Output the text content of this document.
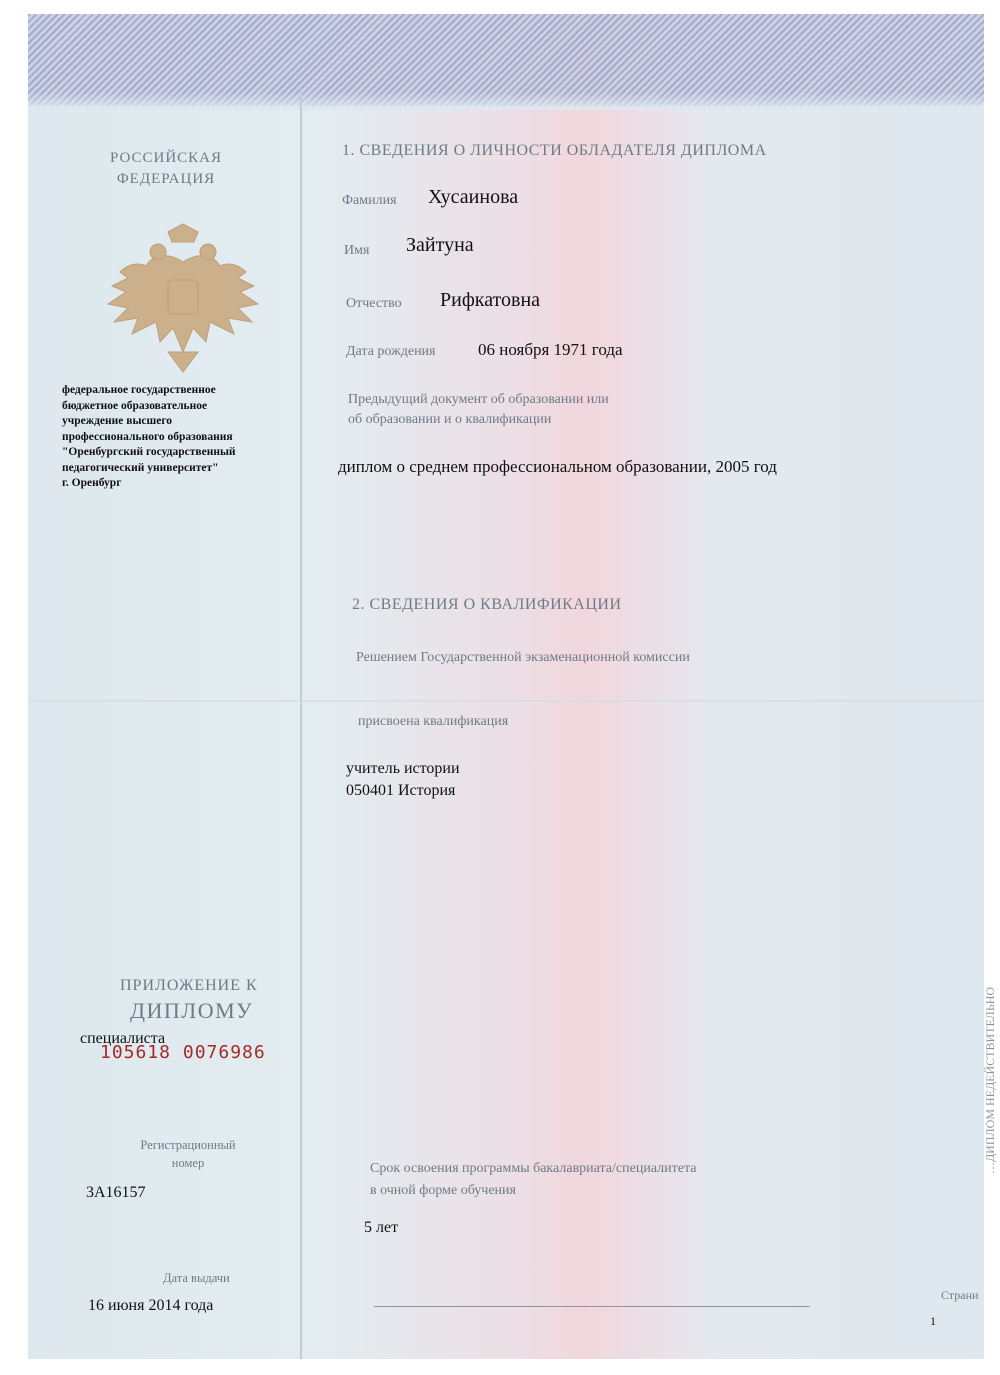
РОССИЙСКАЯ
ФЕДЕРАЦИЯ
федеральное государственное
бюджетное образовательное
учреждение высшего
профессионального образования
"Оренбургский государственный
педагогический университет"
г. Оренбург
ПРИЛОЖЕНИЕ К
ДИПЛОМУ
специалиста
105618 0076986
Регистрационный номер
3А16157
Дата выдачи
16 июня 2014 года
1. СВЕДЕНИЯ О ЛИЧНОСТИ ОБЛАДАТЕЛЯ ДИПЛОМА
Фамилия Хусаинова
Имя Зайтуна
Отчество Рифкатовна
Дата рождения	06 ноября 1971 года
Предыдущий документ об образовании или
об образовании и о квалификации
диплом о среднем профессиональном образовании, 2005 год
2. СВЕДЕНИЯ О КВАЛИФИКАЦИИ
Решением Государственной экзаменационной комиссии
присвоена квалификация
учитель истории
050401 История
Срок освоения программы бакалавриата/специалитета
в очной форме обучения
5 лет
Страни
1
…ДИПЛОМ НЕДЕЙСТВИТЕЛЬНО
